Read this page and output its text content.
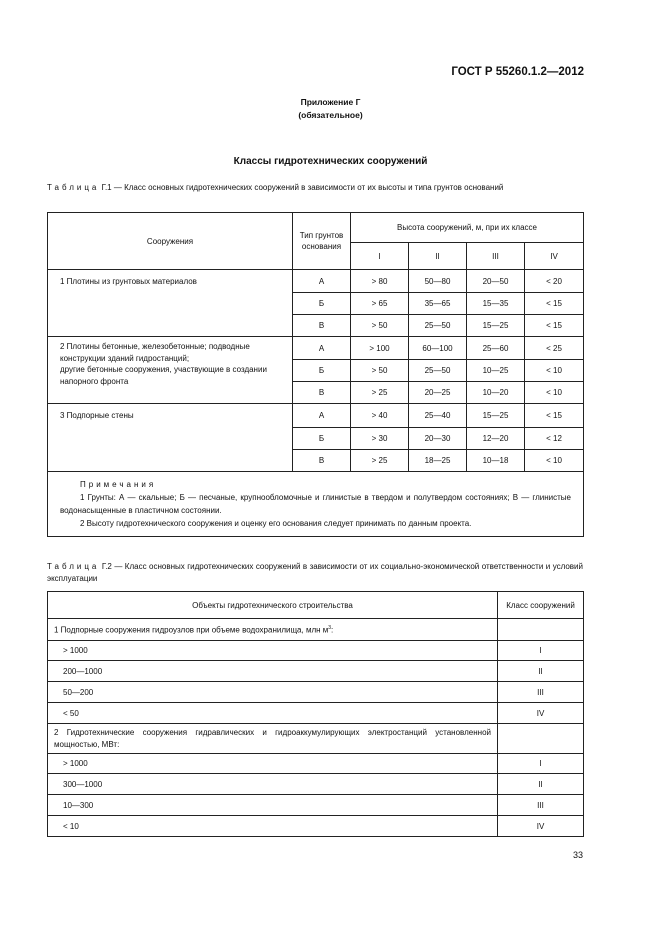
ГОСТ Р 55260.1.2—2012
Приложение Г
(обязательное)
Классы гидротехнических сооружений
Таблица Г.1 — Класс основных гидротехнических сооружений в зависимости от их высоты и типа грунтов оснований
Сооружения	Тип грунтов основания	Высота сооружений, м, при их классе			
		I	II	III	IV
1 Плотины из грунтовых материалов	А	> 80	50—80	20—50	< 20
	Б	> 65	35—65	15—35	< 15
	В	> 50	25—50	15—25	< 15

2 Плотины бетонные, железобетонные; подводные конструкции зданий гидростанций;
другие бетонные сооружения, участвующие в создании напорного фронта	А	> 100	60—100	25—60	< 25
	Б	> 50	25—50	10—25	< 10
	В	> 25	20—25	10—20	< 10
3 Подпорные стены	А	> 40	25—40	15—25	< 15
	Б	> 30	20—30	12—20	< 12
	В	> 25	18—25	10—18	< 10

Примечания
1 Грунты: А — скальные; Б — песчаные, крупнообломочные и глинистые в твердом и полутвердом состояниях; В — глинистые водонасыщенные в пластичном состоянии.
2 Высоту гидротехнического сооружения и оценку его основания следует принимать по данным проекта.					
Таблица Г.2 — Класс основных гидротехнических сооружений в зависимости от их социально-экономической ответственности и условий эксплуатации
Объекты гидротехнического строительства	Класс сооружений
1 Подпорные сооружения гидроузлов при объеме водохранилища, млн $м^3$:	
> 1000	I
200—1000	II
50—200	III
< 50	IV
2 Гидротехнические сооружения гидравлических и гидроаккумулирующих электростанций установленной мощностью, МВт:	
> 1000	I
300—1000	II
10—300	III
< 10	IV
33
